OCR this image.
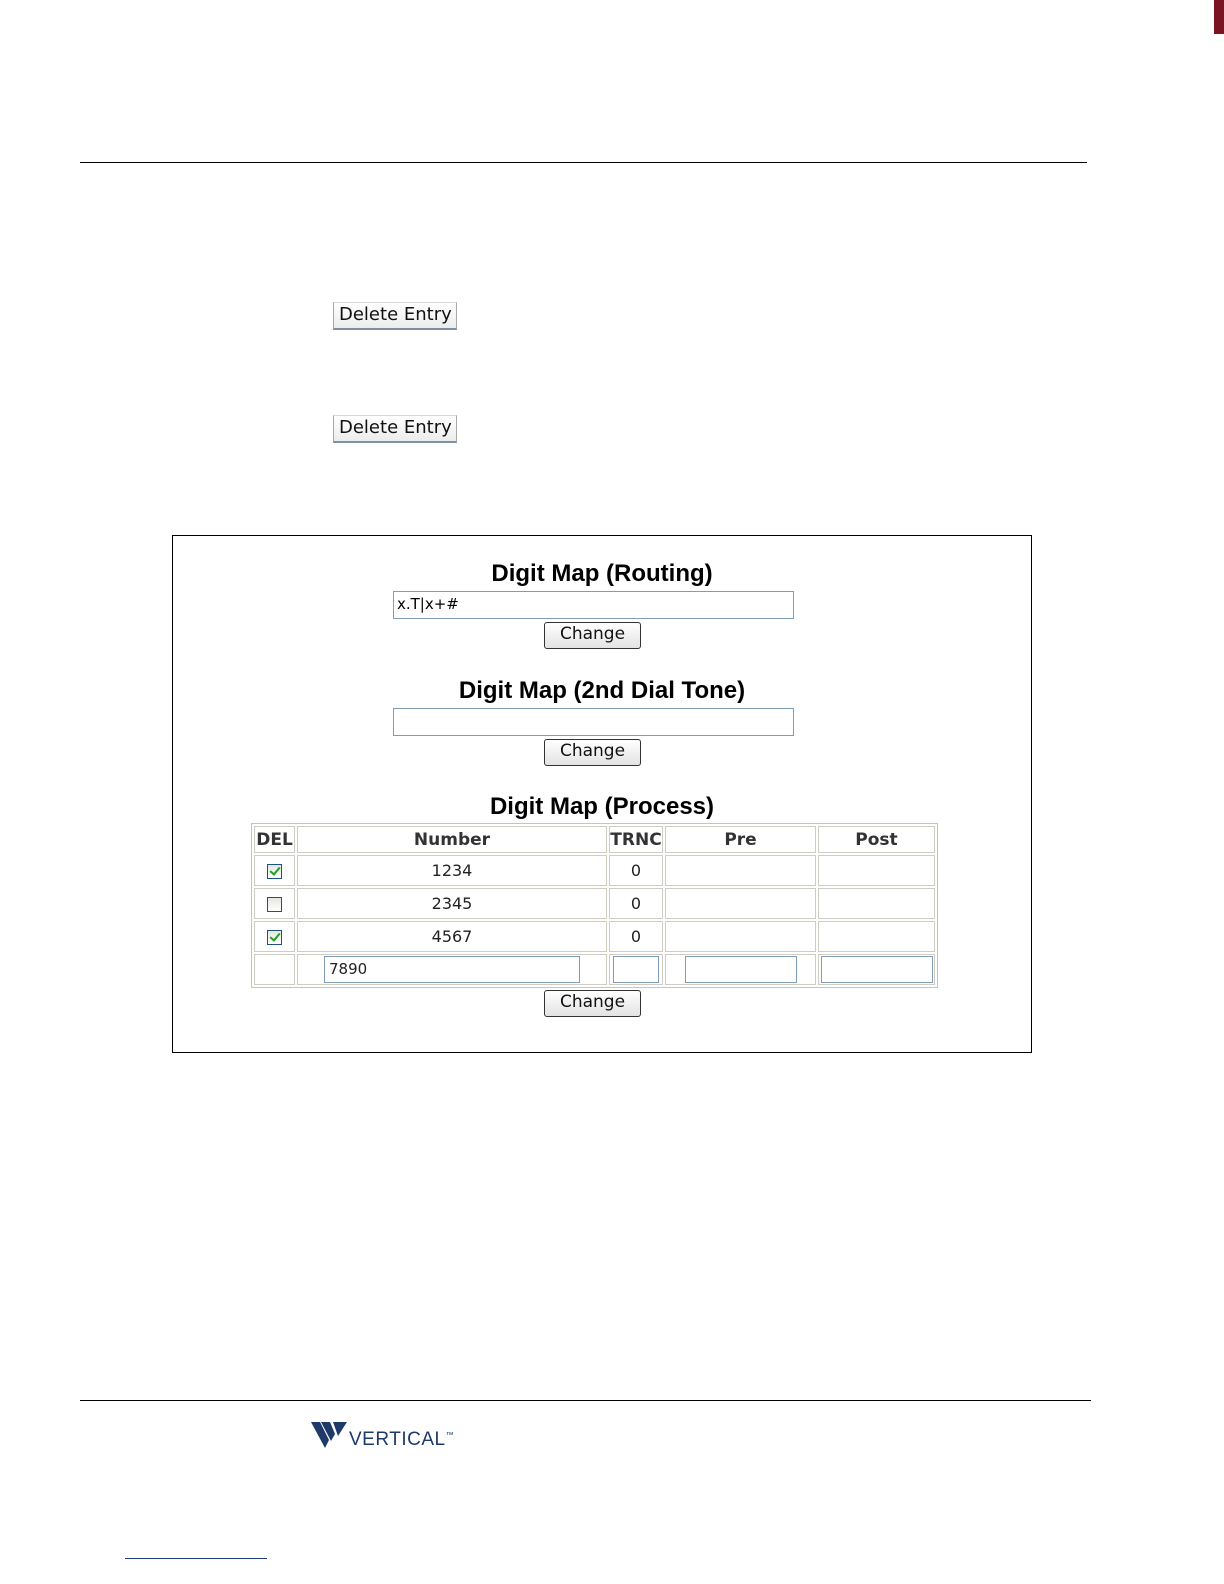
Delete Entry
Delete Entry
Digit Map (Routing)
x.T|x+#
Change
Digit Map (2nd Dial Tone)
Change
Digit Map (Process)
DEL	Number	TRNC	Pre	Post
	1234	0		
	2345	0		
	4567	0		

	7890			

Change
VERTICAL™
